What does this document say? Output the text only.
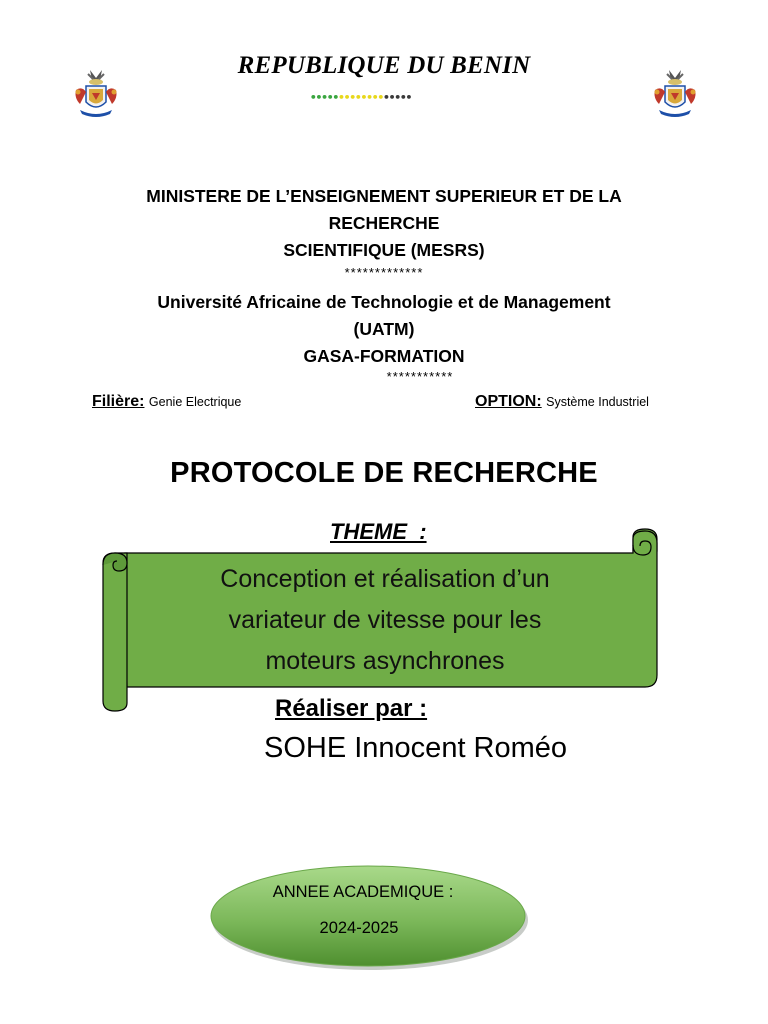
REPUBLIQUE DU BENIN
••••••••••••••••••
MINISTERE DE L’ENSEIGNEMENT SUPERIEUR ET DE LA
RECHERCHE
SCIENTIFIQUE (MESRS)
*************
Université Africaine de Technologie et de Management
(UATM)
GASA-FORMATION
***********
Filière: Genie Electrique	OPTION: Système Industriel
PROTOCOLE DE RECHERCHE
THEME  :
Conception et réalisation d’un
variateur de vitesse pour les
moteurs asynchrones
Réaliser par :
SOHE Innocent Roméo
ANNEE ACADEMIQUE :
2024-2025
